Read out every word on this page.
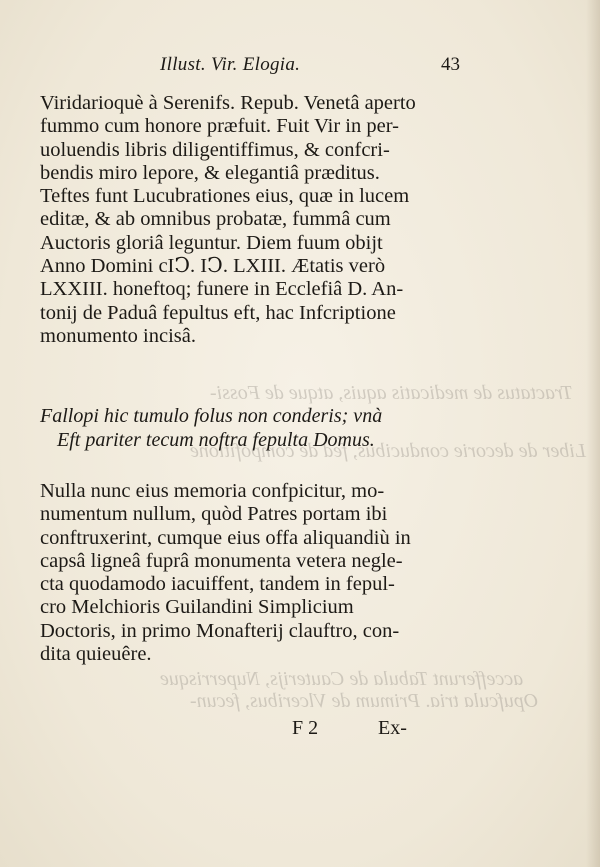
Tractatus de medicatis aquis, atque de Fossi-
Liber de decorie conducibus, fed de compofitione
accefferunt Tabula de Cauterijs, Nuperrisque
Opufcula tria. Primum de Vlceribus, fecun-
Illust. Vir. Elogia.	43
Viridarioquè à Serenifs. Repub. Venetâ aperto
fummo cum honore præfuit. Fuit Vir in per-
uoluendis libris diligentiffimus, & confcri-
bendis miro lepore, & elegantiâ præditus.
Teftes funt Lucubrationes eius, quæ in lucem
editæ, & ab omnibus probatæ, fummâ cum
Auctoris gloriâ leguntur. Diem fuum obijt
Anno Domini cIↃ. IↃ. LXIII. Ætatis verò
LXXIII. honeftoq; funere in Ecclefiâ D. An-
tonij de Paduâ fepultus eft, hac Infcriptione
monumento incisâ.
Fallopi hic tumulo folus non conderis; vnà
Eft pariter tecum noftra fepulta Domus.
Nulla nunc eius memoria confpicitur, mo-
numentum nullum, quòd Patres portam ibi
conftruxerint, cumque eius offa aliquandiù in
capsâ ligneâ fuprâ monumenta vetera negle-
cta quodamodo iacuiffent, tandem in fepul-
cro Melchioris Guilandini Simplicium
Doctoris, in primo Monafterij clauftro, con-
dita quieuêre.
F 2	Ex-
